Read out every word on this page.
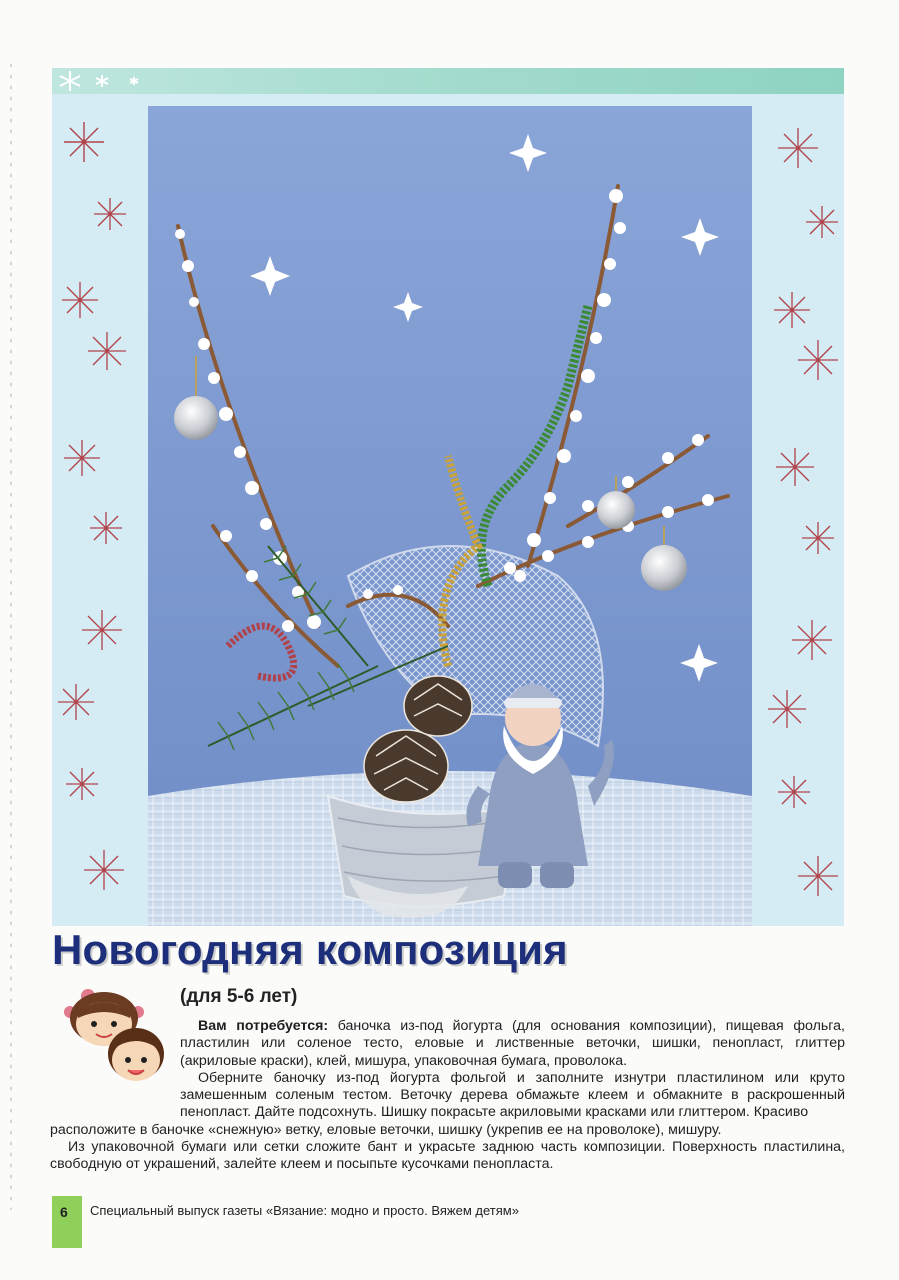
Новогодняя композиция
(для 5-6 лет)

Вам потребуется: баночка из-под йогурта (для основания композиции), пищевая фольга, пластилин или соленое тесто, еловые и лиственные веточки, шишки, пенопласт, глиттер (акриловые краски), клей, мишура, упаковочная бумага, проволока.

Оберните баночку из-под йогурта фольгой и заполните изнутри пластилином или круто замешенным соленым тестом. Веточку дерева обмажьте клеем и обмакните в раскрошенный пенопласт. Дайте подсохнуть. Шишку покрасьте акриловыми красками или глиттером. Красиво

расположите в баночке «снежную» ветку, еловые веточки, шишку (укрепив ее на проволоке), мишуру.

Из упаковочной бумаги или сетки сложите бант и украсьте заднюю часть композиции. Поверхность пластилина, свободную от украшений, залейте клеем и посыпьте кусочками пенопласта.

6 Специальный выпуск газеты «Вязание: модно и просто. Вяжем детям»
